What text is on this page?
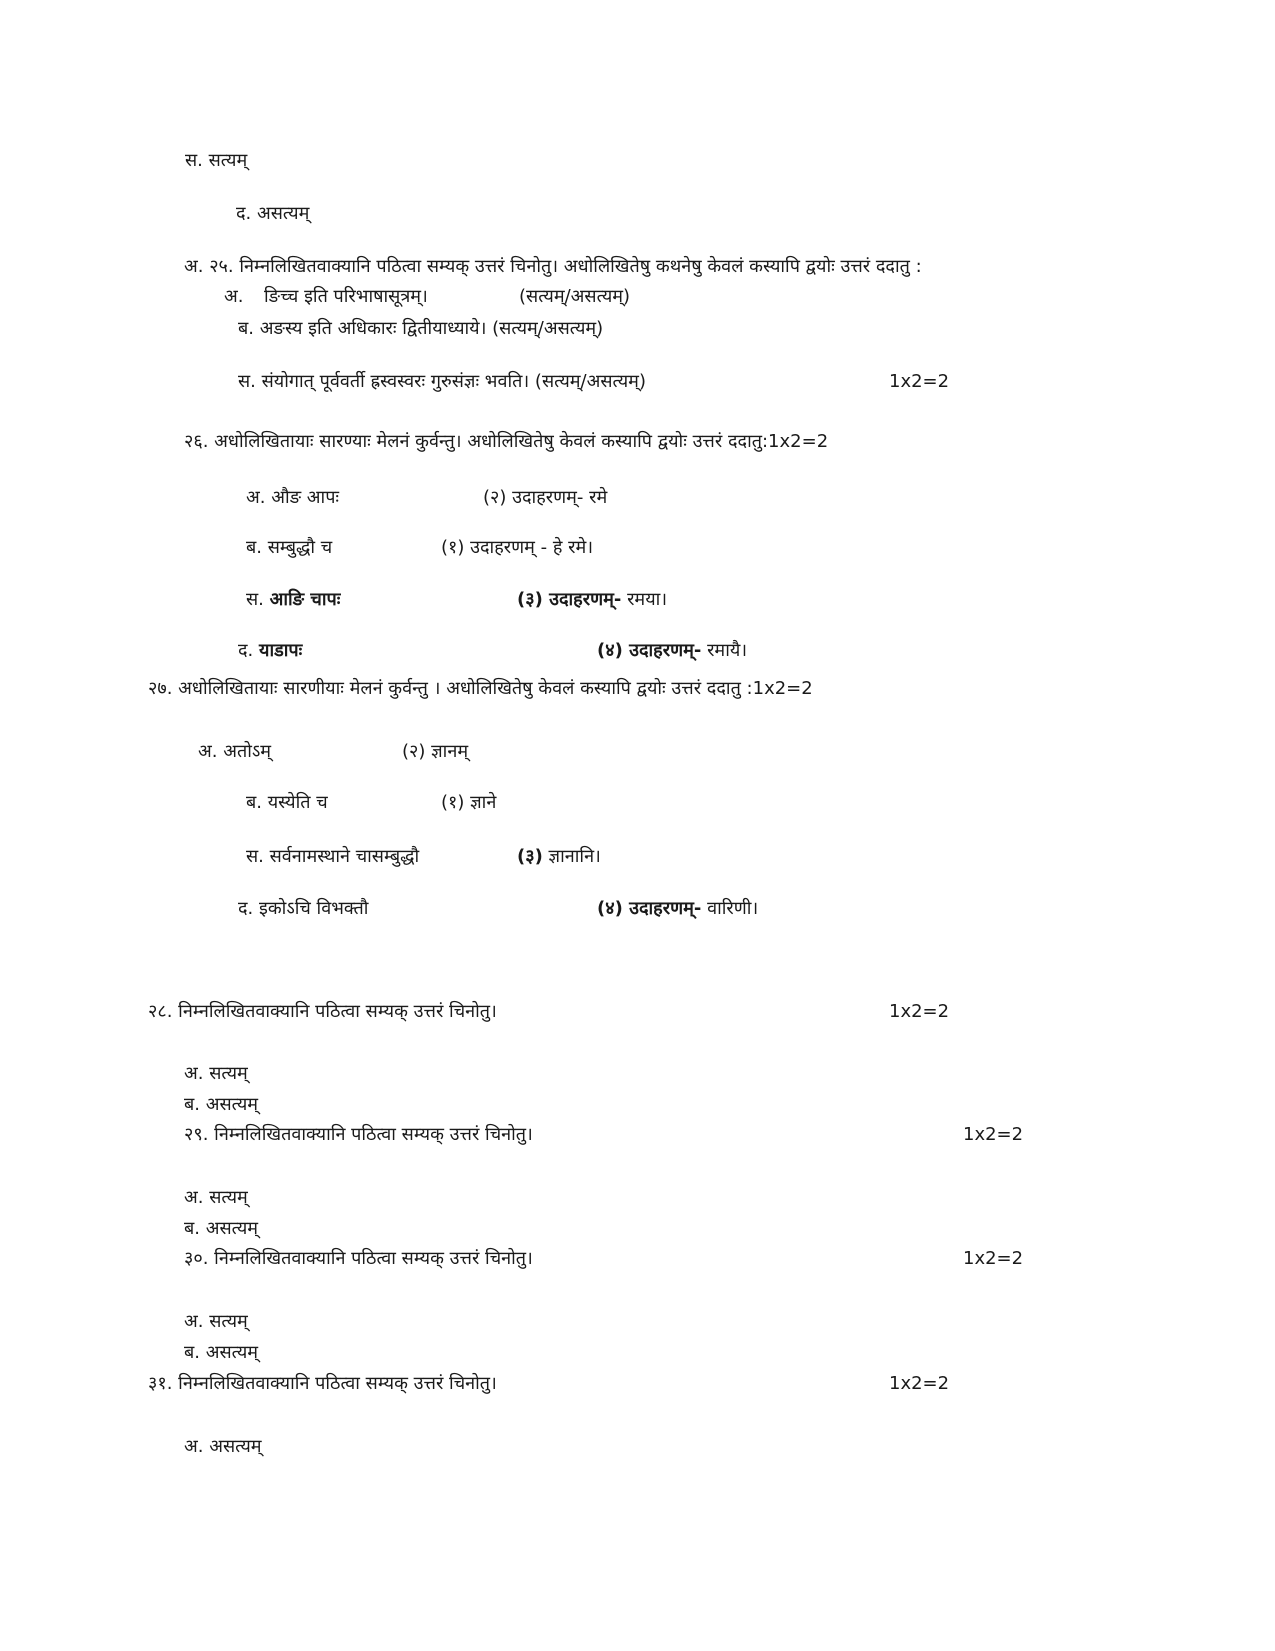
स. सत्यम्
द. असत्यम्
अ. २५. निम्नलिखितवाक्यानि पठित्वा सम्यक् उत्तरं चिनोतु। अधोलिखितेषु कथनेषु केवलं कस्यापि द्वयोः उत्तरं ददातु :
अ. ङिच्च इति परिभाषासूत्रम्।	(सत्यम्/असत्यम्)
ब. अङस्य इति अधिकारः द्वितीयाध्याये। (सत्यम्/असत्यम्)
स. संयोगात् पूर्ववर्ती ह्रस्वस्वरः गुरुसंज्ञः भवति। (सत्यम्/असत्यम्)	1x2=2
२६. अधोलिखितायाः सारण्याः मेलनं कुर्वन्तु। अधोलिखितेषु केवलं कस्यापि द्वयोः उत्तरं ददातु:1x2=2
अ. औङ आपः	(२) उदाहरणम्- रमे
ब. सम्बुद्धौ च	(१) उदाहरणम् - हे रमे।
स. आङि चापः	(३) उदाहरणम्- रमया।
द. याडापः	(४) उदाहरणम्- रमायै।
२७. अधोलिखितायाः सारणीयाः मेलनं कुर्वन्तु । अधोलिखितेषु केवलं कस्यापि द्वयोः उत्तरं ददातु :1x2=2
अ. अतोऽम्	(२) ज्ञानम्
ब. यस्येति च	(१) ज्ञाने
स. सर्वनामस्थाने चासम्बुद्धौ	(३) ज्ञानानि।
द. इकोऽचि विभक्तौ	(४) उदाहरणम्- वारिणी।
२८. निम्नलिखितवाक्यानि पठित्वा सम्यक् उत्तरं चिनोतु।	1x2=2
अ. सत्यम्
ब. असत्यम्
२९. निम्नलिखितवाक्यानि पठित्वा सम्यक् उत्तरं चिनोतु।	1x2=2
अ. सत्यम्
ब. असत्यम्
३०. निम्नलिखितवाक्यानि पठित्वा सम्यक् उत्तरं चिनोतु।	1x2=2
अ. सत्यम्
ब. असत्यम्
३१. निम्नलिखितवाक्यानि पठित्वा सम्यक् उत्तरं चिनोतु।	1x2=2
अ. असत्यम्
